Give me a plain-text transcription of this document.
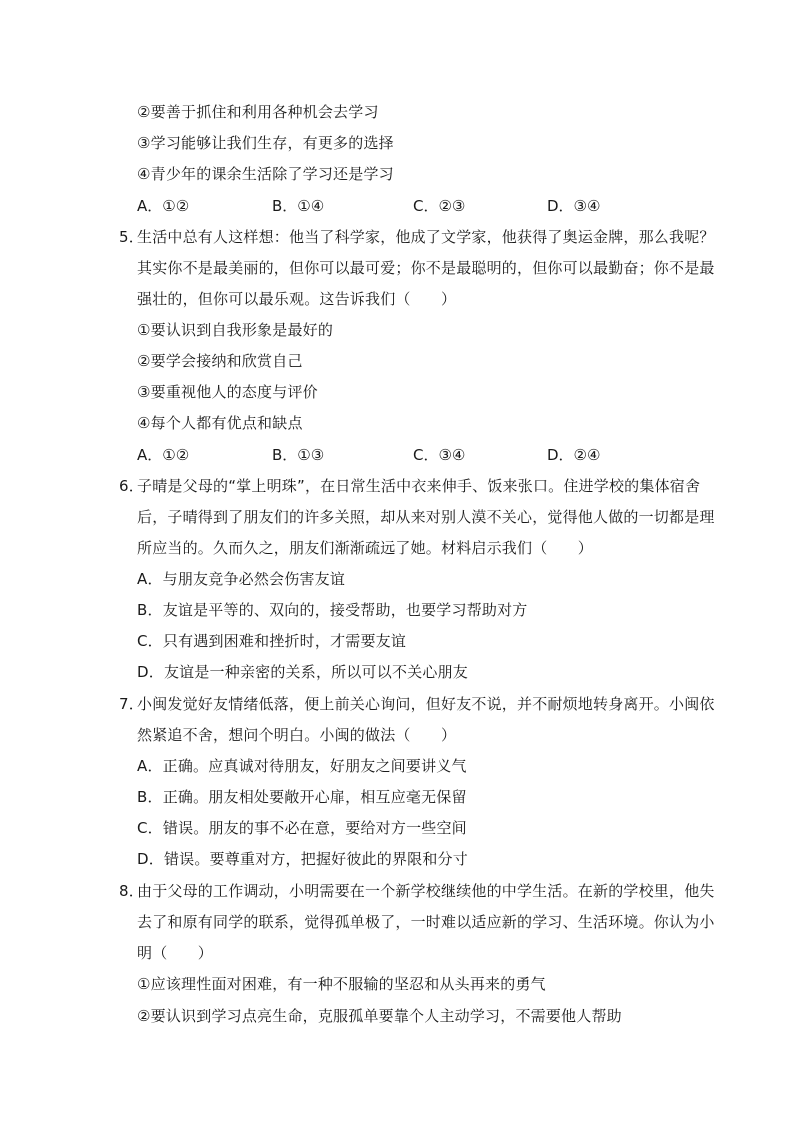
②要善于抓住和利用各种机会去学习
③学习能够让我们生存，有更多的选择
④青少年的课余生活除了学习还是学习
A．①②	B．①④	C．②③	D．③④
5．
生活中总有人这样想：他当了科学家，他成了文学家，他获得了奥运金牌，那么我呢？
其实你不是最美丽的，但你可以最可爱；你不是最聪明的，但你可以最勤奋；你不是最
强壮的，但你可以最乐观。这告诉我们（　　）
①要认识到自我形象是最好的
②要学会接纳和欣赏自己
③要重视他人的态度与评价
④每个人都有优点和缺点
A．①②	B．①③	C．③④	D．②④
6．
子晴是父母的“掌上明珠”，在日常生活中衣来伸手、饭来张口。住进学校的集体宿舍
后，子晴得到了朋友们的许多关照，却从来对别人漠不关心，觉得他人做的一切都是理
所应当的。久而久之，朋友们渐渐疏远了她。材料启示我们（　　）
A．与朋友竞争必然会伤害友谊
B．友谊是平等的、双向的，接受帮助，也要学习帮助对方
C．只有遇到困难和挫折时，才需要友谊
D．友谊是一种亲密的关系，所以可以不关心朋友
7．
小闽发觉好友情绪低落，便上前关心询问，但好友不说，并不耐烦地转身离开。小闽依
然紧追不舍，想问个明白。小闽的做法（　　）
A．正确。应真诚对待朋友，好朋友之间要讲义气
B．正确。朋友相处要敞开心扉，相互应毫无保留
C．错误。朋友的事不必在意，要给对方一些空间
D．错误。要尊重对方，把握好彼此的界限和分寸
8．
由于父母的工作调动，小明需要在一个新学校继续他的中学生活。在新的学校里，他失
去了和原有同学的联系，觉得孤单极了，一时难以适应新的学习、生活环境。你认为小
明（　　）
①应该理性面对困难，有一种不服输的坚忍和从头再来的勇气
②要认识到学习点亮生命，克服孤单要靠个人主动学习，不需要他人帮助
